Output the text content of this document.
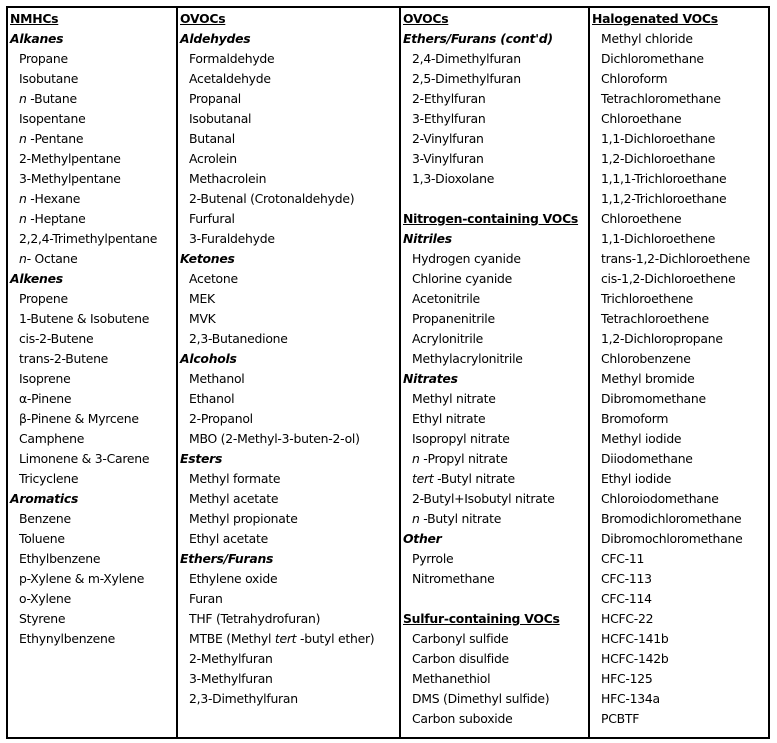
NMHCs
Alkanes
Propane
Isobutane
n -Butane
Isopentane
n -Pentane
2-Methylpentane
3-Methylpentane
n -Hexane
n -Heptane
2,2,4-Trimethylpentane
n- Octane
Alkenes
Propene
1-Butene & Isobutene
cis-2-Butene
trans-2-Butene
Isoprene
α-Pinene
β-Pinene & Myrcene
Camphene
Limonene & 3-Carene
Tricyclene
Aromatics
Benzene
Toluene
Ethylbenzene
p-Xylene & m-Xylene
o-Xylene
Styrene
Ethynylbenzene
OVOCs
Aldehydes
Formaldehyde
Acetaldehyde
Propanal
Isobutanal
Butanal
Acrolein
Methacrolein
2-Butenal (Crotonaldehyde)
Furfural
3-Furaldehyde
Ketones
Acetone
MEK
MVK
2,3-Butanedione
Alcohols
Methanol
Ethanol
2-Propanol
MBO (2-Methyl-3-buten-2-ol)
Esters
Methyl formate
Methyl acetate
Methyl propionate
Ethyl acetate
Ethers/Furans
Ethylene oxide
Furan
THF (Tetrahydrofuran)
MTBE (Methyl tert -butyl ether)
2-Methylfuran
3-Methylfuran
2,3-Dimethylfuran
OVOCs
Ethers/Furans (cont'd)
2,4-Dimethylfuran
2,5-Dimethylfuran
2-Ethylfuran
3-Ethylfuran
2-Vinylfuran
3-Vinylfuran
1,3-Dioxolane
Nitrogen-containing VOCs
Nitriles
Hydrogen cyanide
Chlorine cyanide
Acetonitrile
Propanenitrile
Acrylonitrile
Methylacrylonitrile
Nitrates
Methyl nitrate
Ethyl nitrate
Isopropyl nitrate
n -Propyl nitrate
tert -Butyl nitrate
2-Butyl+Isobutyl nitrate
n -Butyl nitrate
Other
Pyrrole
Nitromethane
Sulfur-containing VOCs
Carbonyl sulfide
Carbon disulfide
Methanethiol
DMS (Dimethyl sulfide)
Carbon suboxide
Halogenated VOCs
Methyl chloride
Dichloromethane
Chloroform
Tetrachloromethane
Chloroethane
1,1-Dichloroethane
1,2-Dichloroethane
1,1,1-Trichloroethane
1,1,2-Trichloroethane
Chloroethene
1,1-Dichloroethene
trans-1,2-Dichloroethene
cis-1,2-Dichloroethene
Trichloroethene
Tetrachloroethene
1,2-Dichloropropane
Chlorobenzene
Methyl bromide
Dibromomethane
Bromoform
Methyl iodide
Diiodomethane
Ethyl iodide
Chloroiodomethane
Bromodichloromethane
Dibromochloromethane
CFC-11
CFC-113
CFC-114
HCFC-22
HCFC-141b
HCFC-142b
HFC-125
HFC-134a
PCBTF
